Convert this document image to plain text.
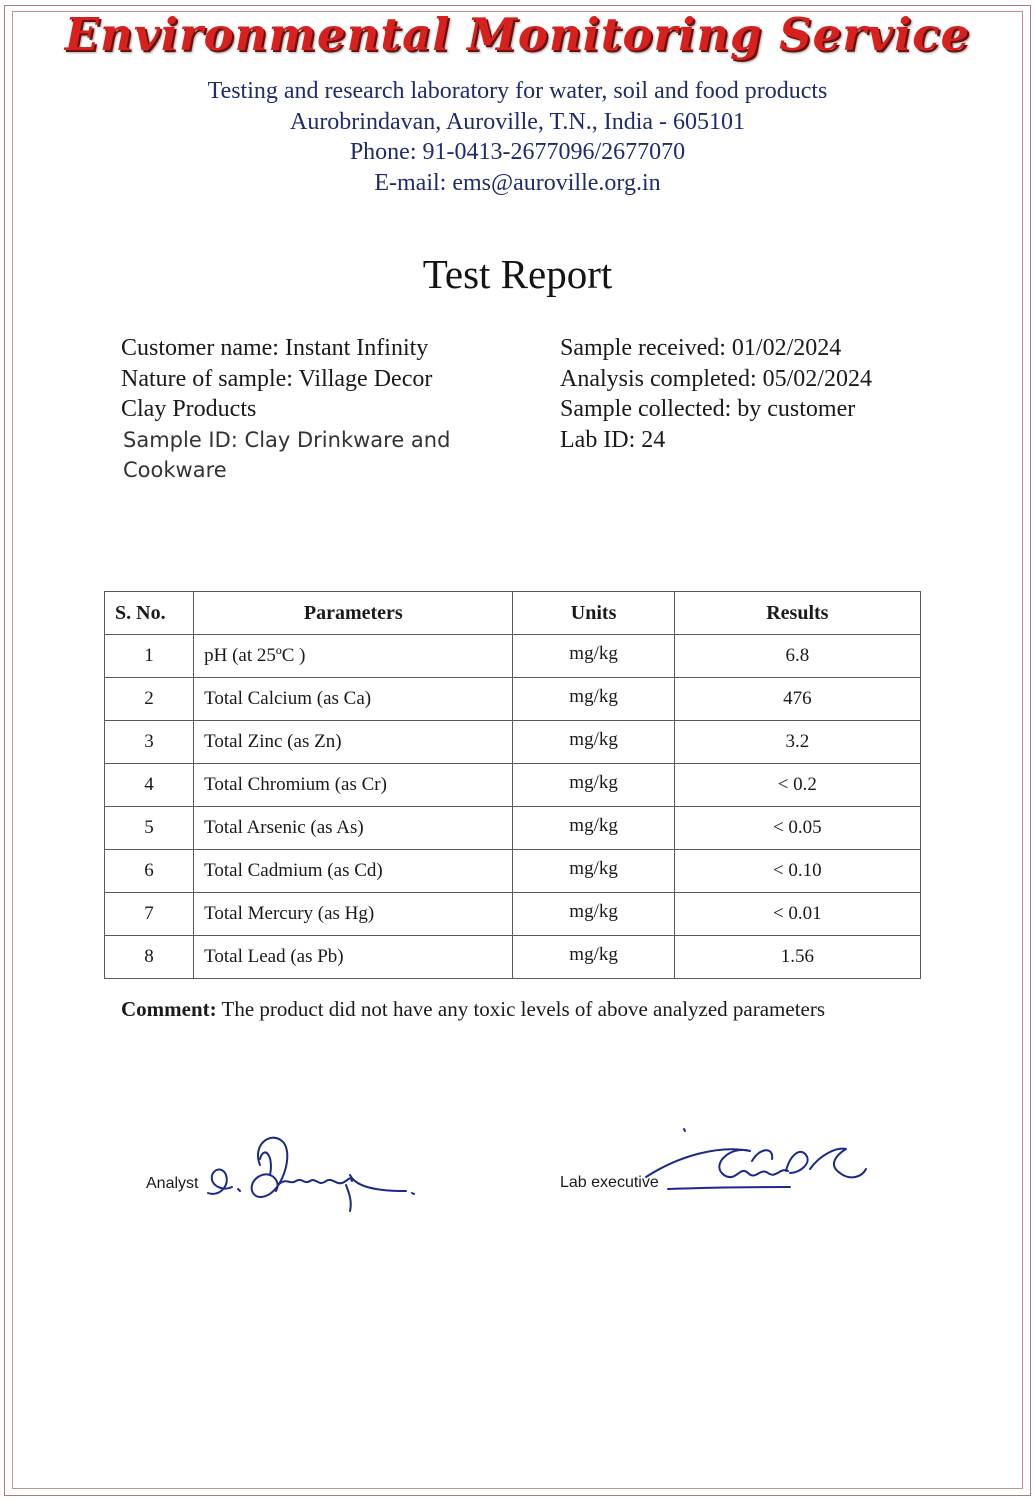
Environmental Monitoring Service
Testing and research laboratory for water, soil and food products
Aurobrindavan, Auroville, T.N., India - 605101
Phone: 91-0413-2677096/2677070
E-mail: ems@auroville.org.in
Test Report
Customer name: Instant Infinity
Nature of sample: Village Decor
Clay Products
Sample ID: Clay Drinkware and
Cookware
Sample received: 01/02/2024
Analysis completed: 05/02/2024
Sample collected: by customer
Lab ID: 24
S. No.	Parameters	Units	Results
1	pH (at 25ºC )	mg/kg	6.8
2	Total Calcium (as Ca)	mg/kg	476
3	Total Zinc (as Zn)	mg/kg	3.2
4	Total Chromium (as Cr)	mg/kg	< 0.2
5	Total Arsenic (as As)	mg/kg	< 0.05
6	Total Cadmium (as Cd)	mg/kg	< 0.10
7	Total Mercury (as Hg)	mg/kg	< 0.01
8	Total Lead (as Pb)	mg/kg	1.56
Comment: The product did not have any toxic levels of above analyzed parameters
Analyst	Lab executive
